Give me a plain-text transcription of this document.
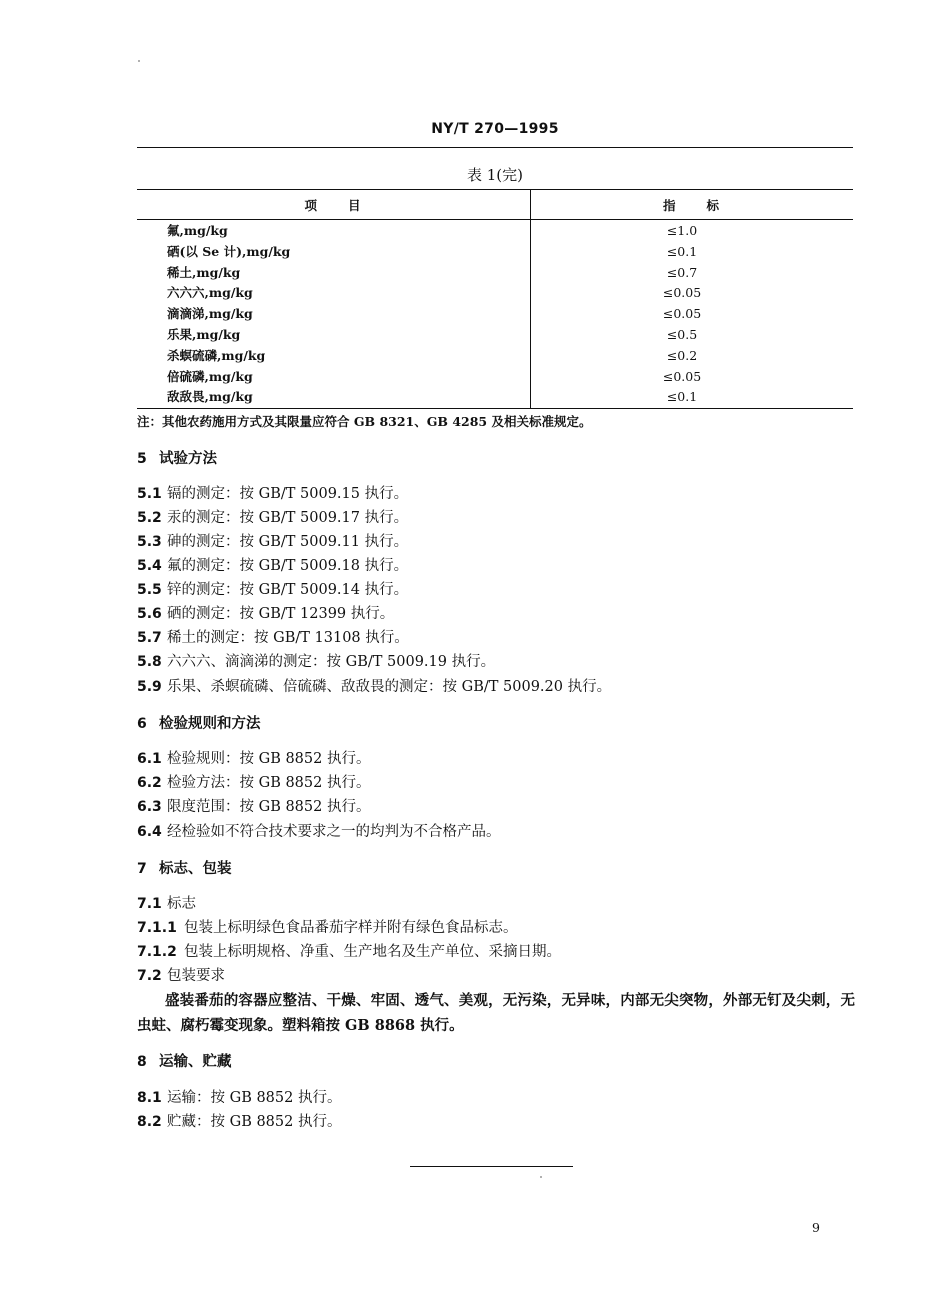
NY/T 270—1995
表 1(完)
项　　目	指　　标
氟,mg/kg	≤1.0
硒(以 Se 计),mg/kg	≤0.1
稀土,mg/kg	≤0.7
六六六,mg/kg	≤0.05
滴滴涕,mg/kg	≤0.05
乐果,mg/kg	≤0.5
杀螟硫磷,mg/kg	≤0.2
倍硫磷,mg/kg	≤0.05
敌敌畏,mg/kg	≤0.1
注：其他农药施用方式及其限量应符合 GB 8321、GB 4285 及相关标准规定。
5 试验方法
5.1 镉的测定：按 GB/T 5009.15 执行。
5.2 汞的测定：按 GB/T 5009.17 执行。
5.3 砷的测定：按 GB/T 5009.11 执行。
5.4 氟的测定：按 GB/T 5009.18 执行。
5.5 锌的测定：按 GB/T 5009.14 执行。
5.6 硒的测定：按 GB/T 12399 执行。
5.7 稀土的测定：按 GB/T 13108 执行。
5.8 六六六、滴滴涕的测定：按 GB/T 5009.19 执行。
5.9 乐果、杀螟硫磷、倍硫磷、敌敌畏的测定：按 GB/T 5009.20 执行。
6 检验规则和方法
6.1 检验规则：按 GB 8852 执行。
6.2 检验方法：按 GB 8852 执行。
6.3 限度范围：按 GB 8852 执行。
6.4 经检验如不符合技术要求之一的均判为不合格产品。
7 标志、包装
7.1 标志
7.1.1 包装上标明绿色食品番茄字样并附有绿色食品标志。
7.1.2 包装上标明规格、净重、生产地名及生产单位、采摘日期。
7.2 包装要求
盛装番茄的容器应整洁、干燥、牢固、透气、美观，无污染，无异味，内部无尖突物，外部无钉及尖刺，无虫蛀、腐朽霉变现象。塑料箱按 GB 8868 执行。
8 运输、贮藏
8.1 运输：按 GB 8852 执行。
8.2 贮藏：按 GB 8852 执行。
9
